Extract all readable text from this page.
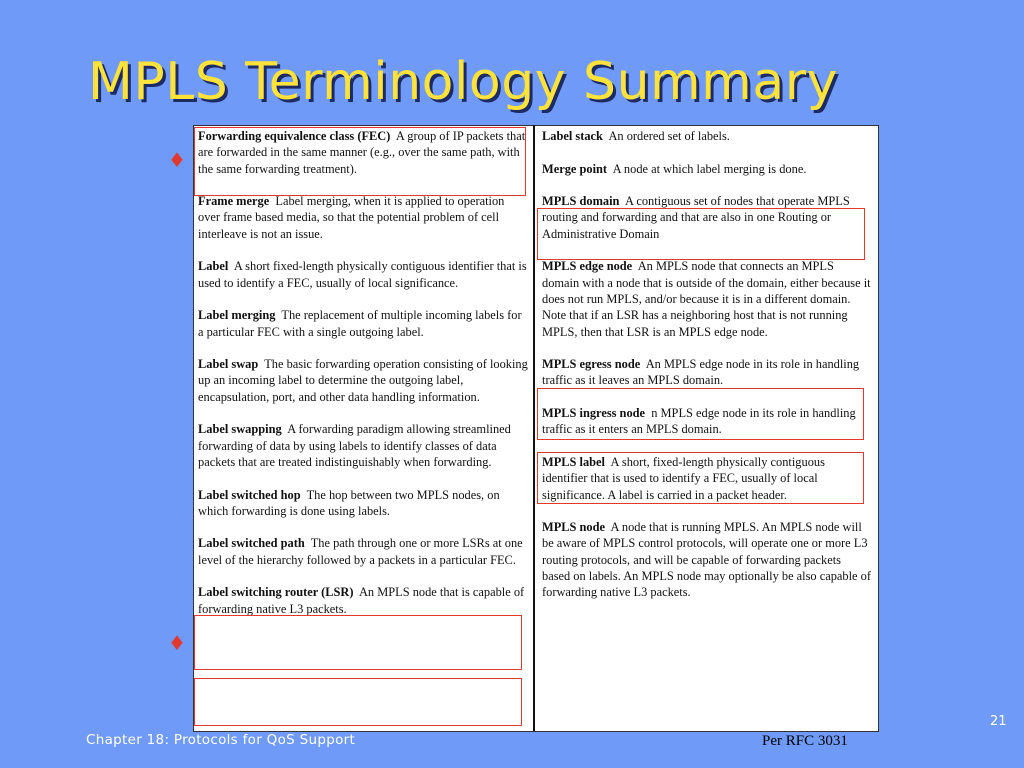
MPLS Terminology Summary

Forwarding equivalence class (FEC) A group of IP packets that are forwarded in the same manner (e.g., over the same path, with the same forwarding treatment).

Frame merge Label merging, when it is applied to operation over frame based media, so that the potential problem of cell interleave is not an issue.

Label A short fixed-length physically contiguous identifier that is used to identify a FEC, usually of local significance.

Label merging The replacement of multiple incoming labels for a particular FEC with a single outgoing label.

Label swap The basic forwarding operation consisting of looking up an incoming label to determine the outgoing label, encapsulation, port, and other data handling information.

Label swapping A forwarding paradigm allowing streamlined forwarding of data by using labels to identify classes of data packets that are treated indistinguishably when forwarding.

Label switched hop The hop between two MPLS nodes, on which forwarding is done using labels.

Label switched path The path through one or more LSRs at one level of the hierarchy followed by a packets in a particular FEC.

Label switching router (LSR) An MPLS node that is capable of forwarding native L3 packets.

Label stack An ordered set of labels.

Merge point A node at which label merging is done.

MPLS domain A contiguous set of nodes that operate MPLS routing and forwarding and that are also in one Routing or Administrative Domain

MPLS edge node An MPLS node that connects an MPLS domain with a node that is outside of the domain, either because it does not run MPLS, and/or because it is in a different domain. Note that if an LSR has a neighboring host that is not running MPLS, then that LSR is an MPLS edge node.

MPLS egress node An MPLS edge node in its role in handling traffic as it leaves an MPLS domain.

MPLS ingress node n MPLS edge node in its role in handling traffic as it enters an MPLS domain.

MPLS label A short, fixed-length physically contiguous identifier that is used to identify a FEC, usually of local significance. A label is carried in a packet header.

MPLS node A node that is running MPLS. An MPLS node will be aware of MPLS control protocols, will operate one or more L3 routing protocols, and will be capable of forwarding packets based on labels. An MPLS node may optionally be also capable of forwarding native L3 packets.

♦
♦
21
Chapter 18: Protocols for QoS Support	Per RFC 3031
